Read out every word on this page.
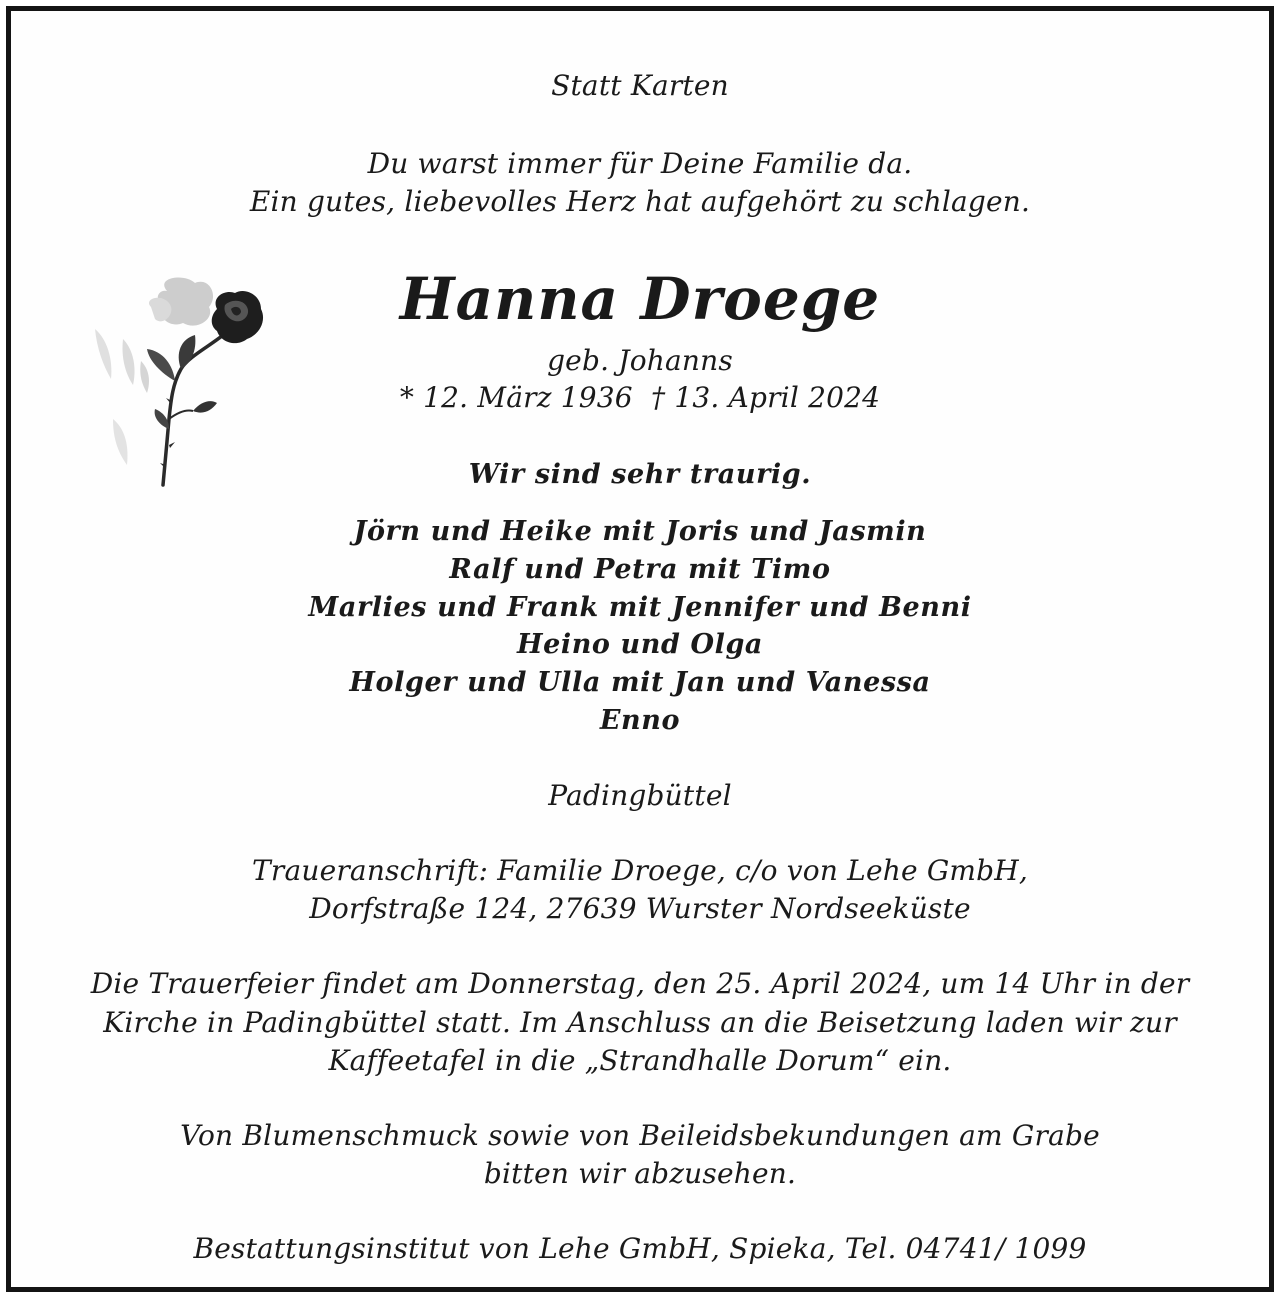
Statt Karten
Du warst immer für Deine Familie da.
Ein gutes, liebevolles Herz hat aufgehört zu schlagen.
Hanna Droege
geb. Johanns
* 12. März 1936  † 13. April 2024
Wir sind sehr traurig.
Jörn und Heike mit Joris und Jasmin
Ralf und Petra mit Timo
Marlies und Frank mit Jennifer und Benni
Heino und Olga
Holger und Ulla mit Jan und Vanessa
Enno
Padingbüttel
Traueranschrift: Familie Droege, c/o von Lehe GmbH,
Dorfstraße 124, 27639 Wurster Nordseeküste
Die Trauerfeier findet am Donnerstag, den 25. April 2024, um 14 Uhr in der
Kirche in Padingbüttel statt. Im Anschluss an die Beisetzung laden wir zur
Kaffeetafel in die „Strandhalle Dorum“ ein.
Von Blumenschmuck sowie von Beileidsbekundungen am Grabe
bitten wir abzusehen.
Bestattungsinstitut von Lehe GmbH, Spieka, Tel. 04741/ 1099
